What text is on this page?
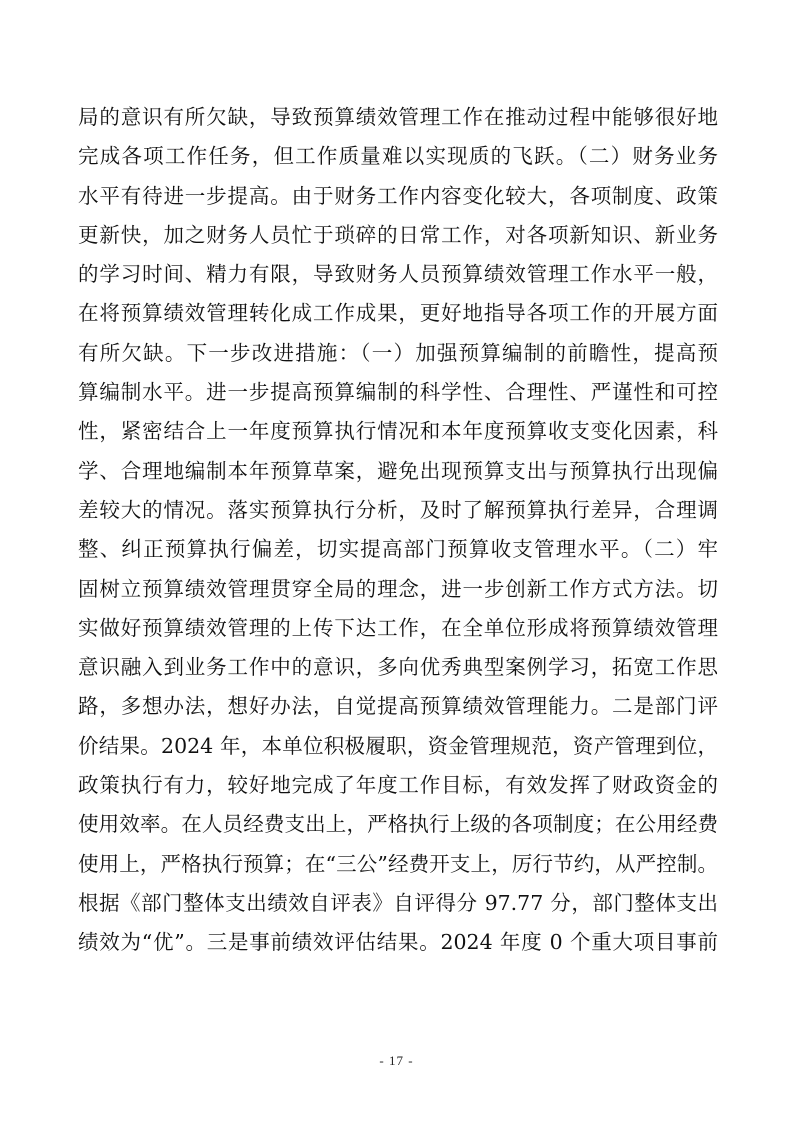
局的意识有所欠缺，导致预算绩效管理工作在推动过程中能够很好地
完成各项工作任务，但工作质量难以实现质的飞跃。（二）财务业务
水平有待进一步提高。由于财务工作内容变化较大，各项制度、政策
更新快，加之财务人员忙于琐碎的日常工作，对各项新知识、新业务
的学习时间、精力有限，导致财务人员预算绩效管理工作水平一般，
在将预算绩效管理转化成工作成果，更好地指导各项工作的开展方面
有所欠缺。下一步改进措施：（一）加强预算编制的前瞻性，提高预
算编制水平。进一步提高预算编制的科学性、合理性、严谨性和可控
性，紧密结合上一年度预算执行情况和本年度预算收支变化因素，科
学、合理地编制本年预算草案，避免出现预算支出与预算执行出现偏
差较大的情况。落实预算执行分析，及时了解预算执行差异，合理调
整、纠正预算执行偏差，切实提高部门预算收支管理水平。（二）牢
固树立预算绩效管理贯穿全局的理念，进一步创新工作方式方法。切
实做好预算绩效管理的上传下达工作，在全单位形成将预算绩效管理
意识融入到业务工作中的意识，多向优秀典型案例学习，拓宽工作思
路，多想办法，想好办法，自觉提高预算绩效管理能力。二是部门评
价结果。2024 年，本单位积极履职，资金管理规范，资产管理到位，
政策执行有力，较好地完成了年度工作目标，有效发挥了财政资金的
使用效率。在人员经费支出上，严格执行上级的各项制度；在公用经费
使用上，严格执行预算；在“三公”经费开支上，厉行节约，从严控制。
根据《部门整体支出绩效自评表》自评得分 97.77 分，部门整体支出
绩效为“优”。三是事前绩效评估结果。2024 年度 0 个重大项目事前
- 17 -
